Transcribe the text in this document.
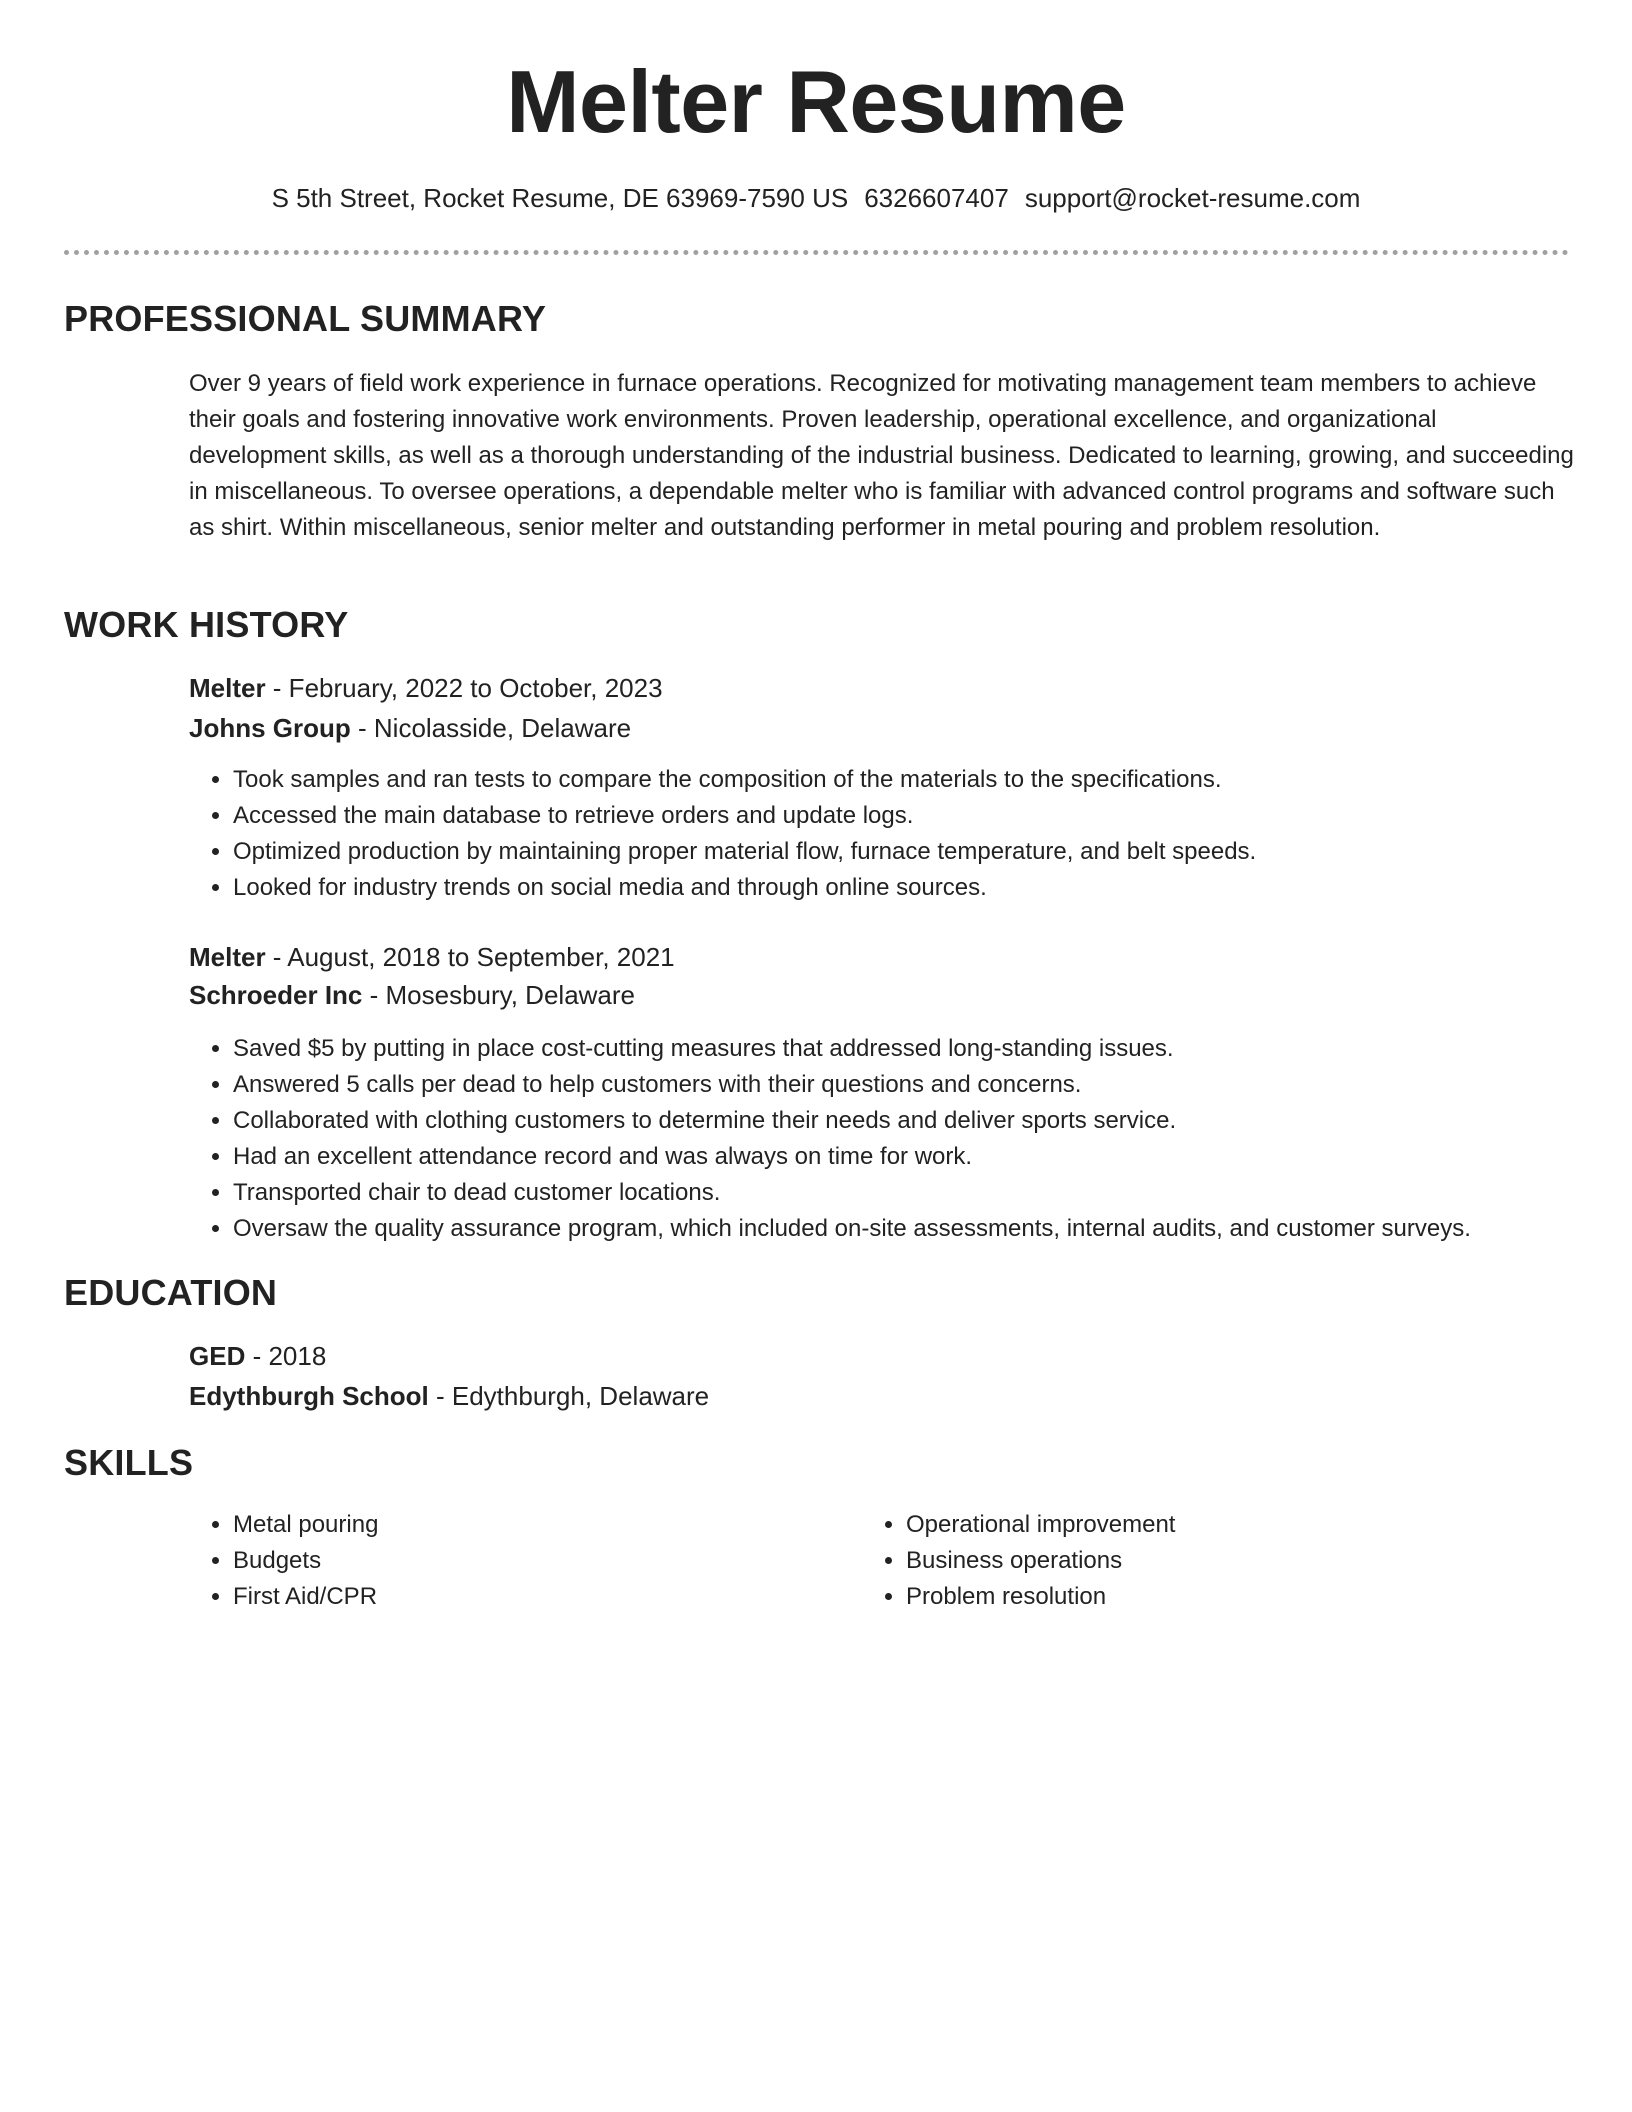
Melter Resume
S 5th Street, Rocket Resume, DE 63969-7590 US 6326607407 support@rocket-resume.com
PROFESSIONAL SUMMARY
Over 9 years of field work experience in furnace operations. Recognized for motivating management team members to achieve their goals and fostering innovative work environments. Proven leadership, operational excellence, and organizational development skills, as well as a thorough understanding of the industrial business. Dedicated to learning, growing, and succeeding in miscellaneous. To oversee operations, a dependable melter who is familiar with advanced control programs and software such as shirt. Within miscellaneous, senior melter and outstanding performer in metal pouring and problem resolution.
WORK HISTORY
Melter - February, 2022 to October, 2023
Johns Group - Nicolasside, Delaware
• Took samples and ran tests to compare the composition of the materials to the specifications.
• Accessed the main database to retrieve orders and update logs.
• Optimized production by maintaining proper material flow, furnace temperature, and belt speeds.
• Looked for industry trends on social media and through online sources.
Melter - August, 2018 to September, 2021
Schroeder Inc - Mosesbury, Delaware
• Saved $5 by putting in place cost-cutting measures that addressed long-standing issues.
• Answered 5 calls per dead to help customers with their questions and concerns.
• Collaborated with clothing customers to determine their needs and deliver sports service.
• Had an excellent attendance record and was always on time for work.
• Transported chair to dead customer locations.
• Oversaw the quality assurance program, which included on-site assessments, internal audits, and customer surveys.
EDUCATION
GED - 2018
Edythburgh School - Edythburgh, Delaware
SKILLS
• Metal pouring
• Budgets
• First Aid/CPR
• Operational improvement
• Business operations
• Problem resolution
